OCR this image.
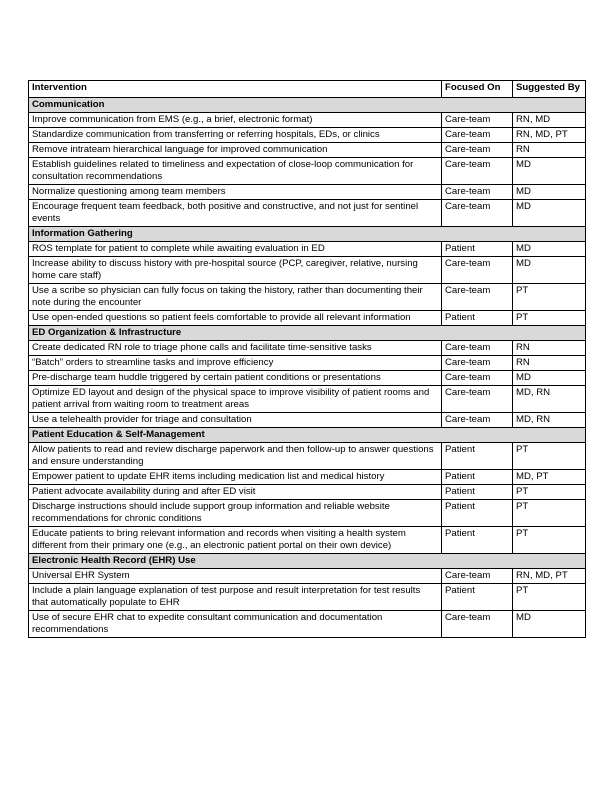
Intervention	Focused On	Suggested By
Communication		
Improve communication from EMS (e.g., a brief, electronic format)	Care-team	RN, MD
Standardize communication from transferring or referring hospitals, EDs, or clinics	Care-team	RN, MD, PT
Remove intrateam hierarchical language for improved communication	Care-team	RN
Establish guidelines related to timeliness and expectation of close-loop communication for consultation recommendations	Care-team	MD
Normalize questioning among team members	Care-team	MD
Encourage frequent team feedback, both positive and constructive, and not just for sentinel events	Care-team	MD
Information Gathering		
ROS template for patient to complete while awaiting evaluation in ED	Patient	MD
Increase ability to discuss history with pre-hospital source (PCP, caregiver, relative, nursing home care staff)	Care-team	MD
Use a scribe so physician can fully focus on taking the history, rather than documenting their note during the encounter	Care-team	PT
Use open-ended questions so patient feels comfortable to provide all relevant information	Patient	PT
ED Organization & Infrastructure		
Create dedicated RN role to triage phone calls and facilitate time-sensitive tasks	Care-team	RN
“Batch” orders to streamline tasks and improve efficiency	Care-team	RN
Pre-discharge team huddle triggered by certain patient conditions or presentations	Care-team	MD
Optimize ED layout and design of the physical space to improve visibility of patient rooms and patient arrival from waiting room to treatment areas	Care-team	MD, RN
Use a telehealth provider for triage and consultation	Care-team	MD, RN
Patient Education & Self-Management		
Allow patients to read and review discharge paperwork and then follow-up to answer questions and ensure understanding	Patient	PT
Empower patient to update EHR items including medication list and medical history	Patient	MD, PT
Patient advocate availability during and after ED visit	Patient	PT
Discharge instructions should include support group information and reliable website recommendations for chronic conditions	Patient	PT
Educate patients to bring relevant information and records when visiting a health system different from their primary one (e.g., an electronic patient portal on their own device)	Patient	PT
Electronic Health Record (EHR) Use		
Universal EHR System	Care-team	RN, MD, PT
Include a plain language explanation of test purpose and result interpretation for test results that automatically populate to EHR	Patient	PT
Use of secure EHR chat to expedite consultant communication and documentation recommendations	Care-team	MD
